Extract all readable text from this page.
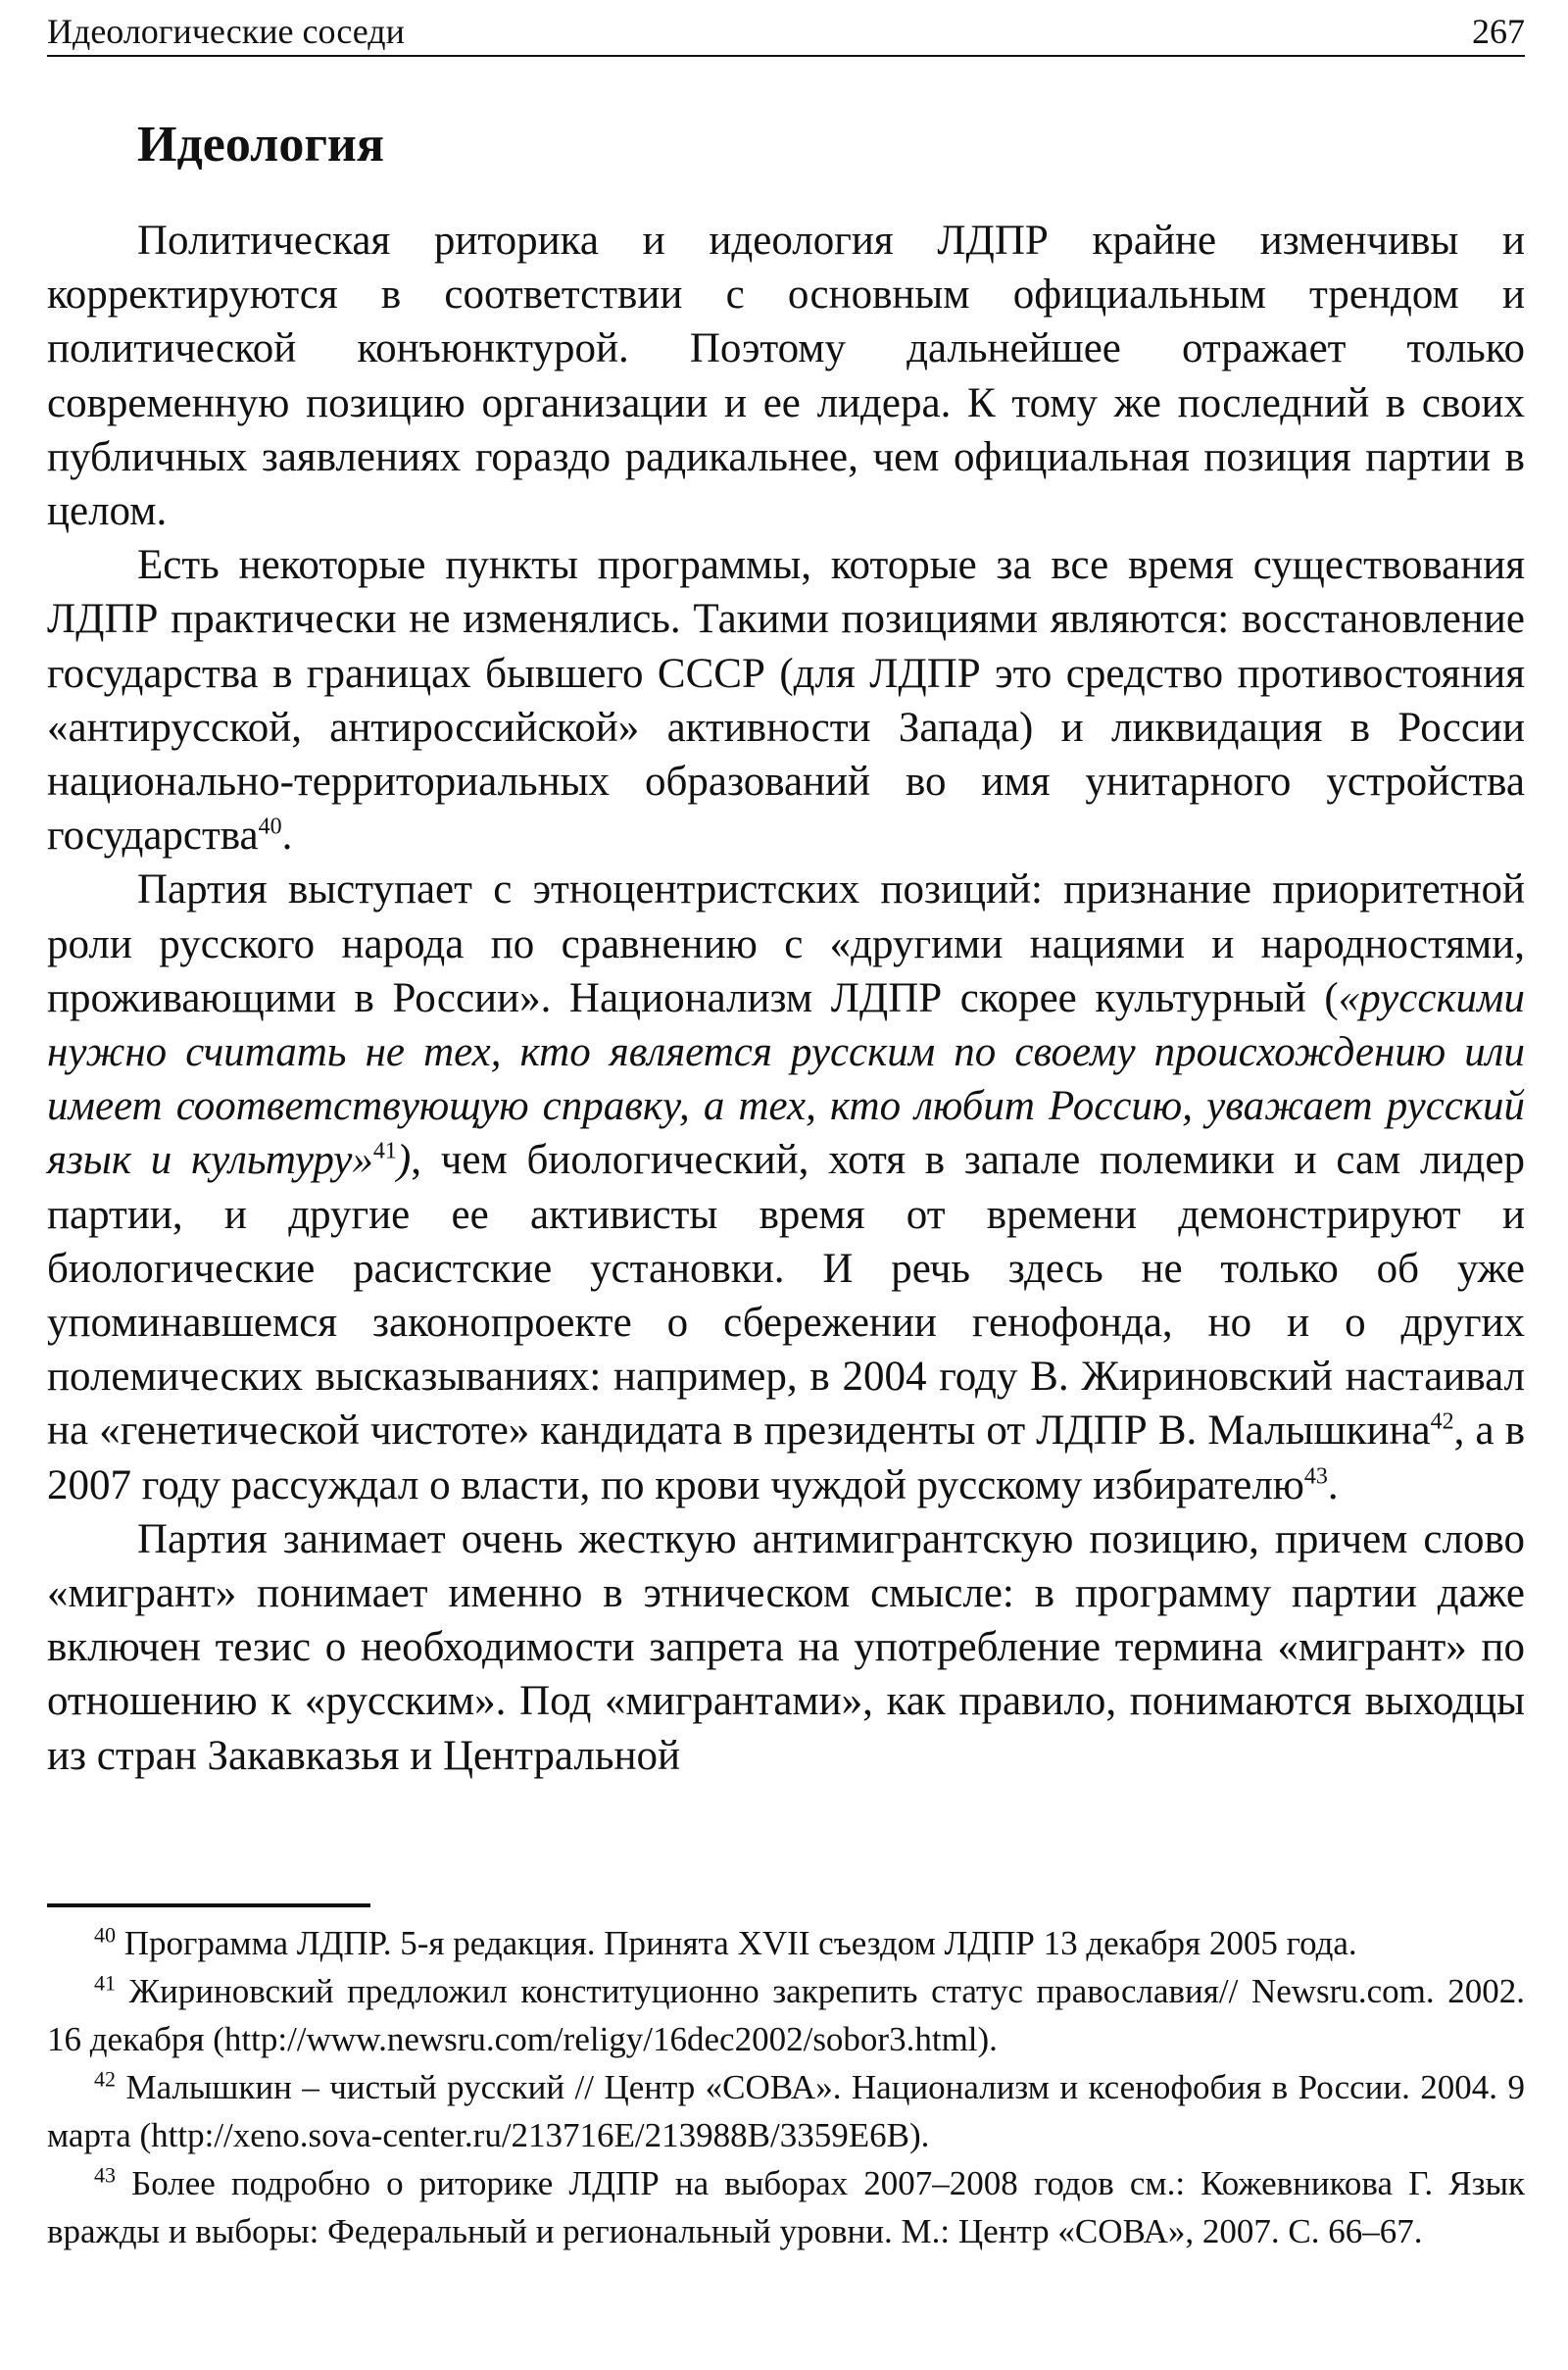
Идеологические соседи	267
Идеология

Политическая риторика и идеология ЛДПР крайне изменчивы и корректируются в соответствии с основным официальным трендом и политической конъюнктурой. Поэтому дальнейшее отражает только современную позицию организации и ее лидера. К тому же последний в своих публичных заявлениях гораздо радикальнее, чем официальная позиция партии в целом.

Есть некоторые пункты программы, которые за все время существования ЛДПР практически не изменялись. Такими позициями являются: восстановление государства в границах бывшего СССР (для ЛДПР это средство противостояния «антирусской, антироссийской» активности Запада) и ликвидация в России национально-территориальных образований во имя унитарного устройства государства$^{40}$.

Партия выступает с этноцентристских позиций: признание приоритетной роли русского народа по сравнению с «другими нациями и народностями, проживающими в России». Национализм ЛДПР скорее культурный («русскими нужно считать не тех, кто является русским по своему происхождению или имеет соответствующую справку, а тех, кто любит Россию, уважает русский язык и культуру»$^{41}$), чем биологический, хотя в запале полемики и сам лидер партии, и другие ее активисты время от времени демонстрируют и биологические расистские установки. И речь здесь не только об уже упоминавшемся законопроекте о сбережении генофонда, но и о других полемических высказываниях: например, в 2004 году В. Жириновский настаивал на «генетической чистоте» кандидата в президенты от ЛДПР В. Малышкина$^{42}$, а в 2007 году рассуждал о власти, по крови чуждой русскому избирателю$^{43}$.

Партия занимает очень жесткую антимигрантскую позицию, причем слово «мигрант» понимает именно в этническом смысле: в программу партии даже включен тезис о необходимости запрета на употребление термина «мигрант» по отношению к «русским». Под «мигрантами», как правило, понимаются выходцы из стран Закавказья и Центральной

$^{40}$ Программа ЛДПР. 5-я редакция. Принята XVII съездом ЛДПР 13 декабря 2005 года.

$^{41}$ Жириновский предложил конституционно закрепить статус православия// Newsru.com. 2002. 16 декабря (http://www.newsru.com/religy/16dec2002/sobor3.html).

$^{42}$ Малышкин – чистый русский // Центр «СОВА». Национализм и ксенофобия в России. 2004. 9 марта (http://xeno.sova-center.ru/213716E/213988B/3359E6B).

$^{43}$ Более подробно о риторике ЛДПР на выборах 2007–2008 годов см.: Кожевникова Г. Язык вражды и выборы: Федеральный и региональный уровни. М.: Центр «СОВА», 2007. С. 66–67.
